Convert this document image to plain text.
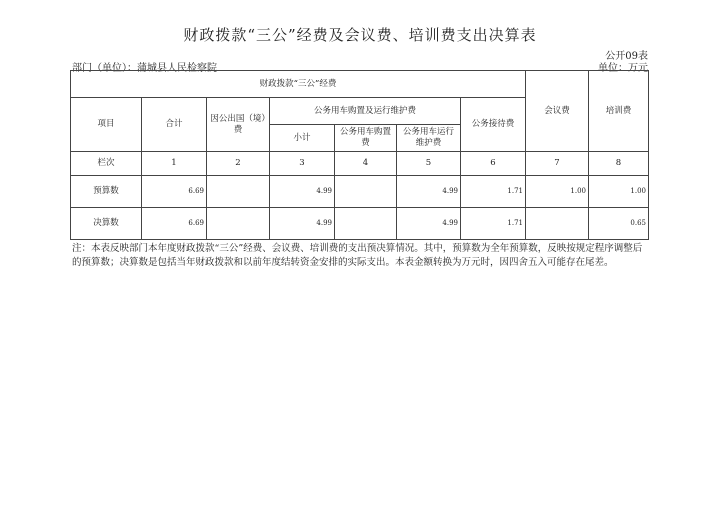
财政拨款“三公”经费及会议费、培训费支出决算表
公开09表
部门（单位）：蒲城县人民检察院	单位：万元
财政拨款“三公”经费							会议费	培训费
项目	合计	因公出国（境）费	公务用车购置及运行维护费			公务接待费		
			小计	公务用车购置费	公务用车运行维护费			
栏次	1	2	3	4	5	6	7	8
预算数	6.69		4.99		4.99	1.71	1.00	1.00
决算数	6.69		4.99		4.99	1.71		0.65
注：本表反映部门本年度财政拨款“三公”经费、会议费、培训费的支出预决算情况。其中，预算数为全年预算数，反映按规定程序调整后的预算数；决算数是包括当年财政拨款和以前年度结转资金安排的实际支出。本表金额转换为万元时，因四舍五入可能存在尾差。
